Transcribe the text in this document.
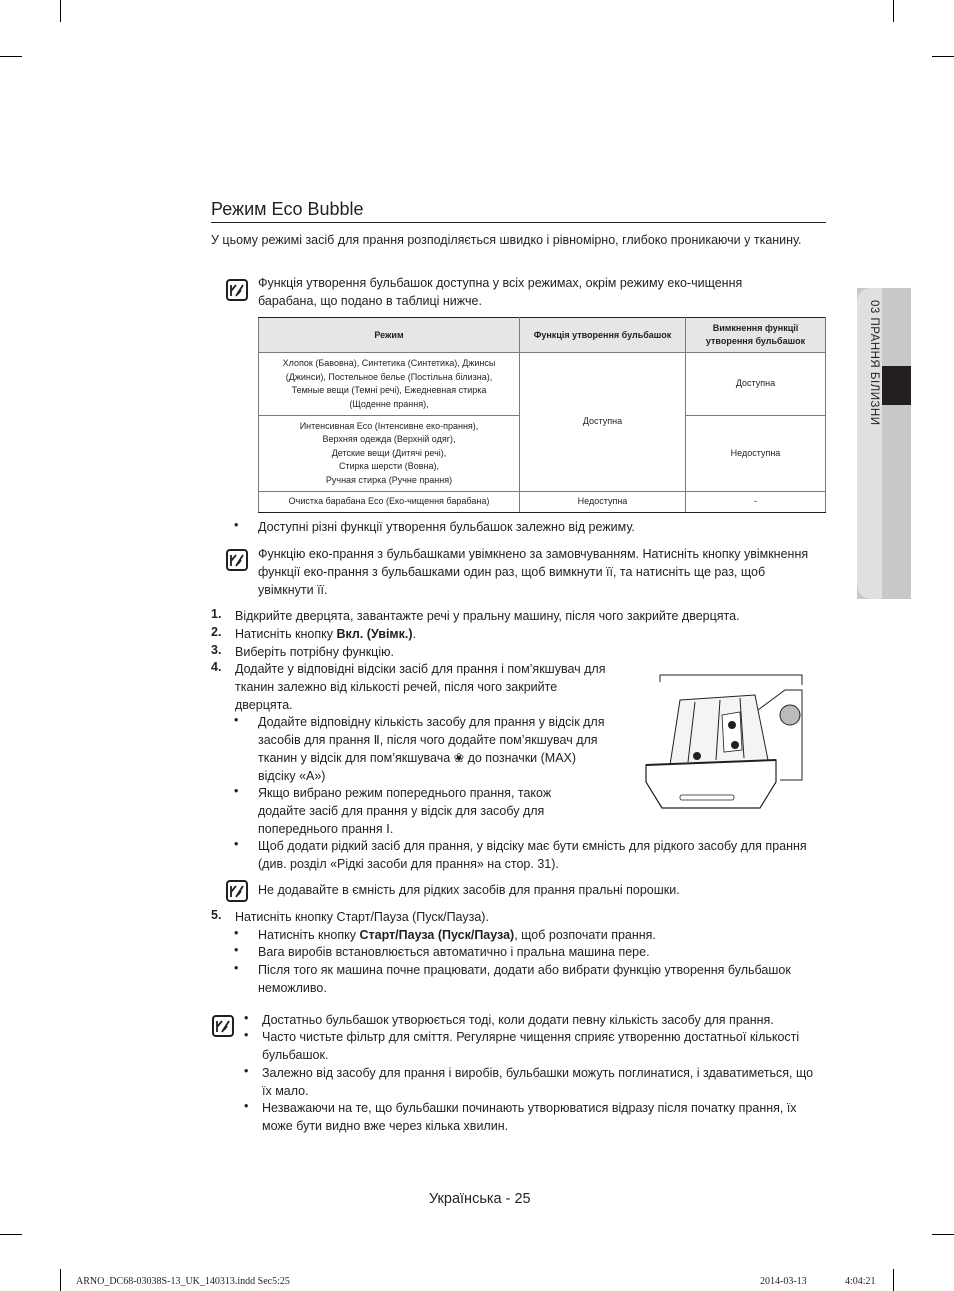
03 ПРАННЯ БІЛИЗНИ
Режим Eco Bubble
У цьому режимі засіб для прання розподіляється швидко і рівномірно, глибоко проникаючи у тканину.
Функція утворення бульбашок доступна у всіх режимах, окрім режиму еко-чищення барабана, що подано в таблиці нижче.
Режим	Функція утворення бульбашок	Вимкнення функції утворення бульбашок

Хлопок (Бавовна), Синтетика (Синтетика), Джинсы
(Джинси), Постельное белье (Постільна білизна),
Темные вещи (Темні речі), Ежедневная стирка
(Щоденне прання),	Доступна	Доступна

Интенсивная Eco (Інтенсивне еко-прання),
Верхняя одежда (Верхній одяг),
Детские вещи (Дитячі речі),
Стирка шерсти (Вовна),
Ручная стирка (Ручне прання)		Недоступна
Очистка барабана Eco (Еко-чищення барабана)	Недоступна	-
• Доступні різні функції утворення бульбашок залежно від режиму.
Функцію еко-прання з бульбашками увімкнено за замовчуванням. Натисніть кнопку увімкнення функції еко-прання з бульбашками один раз, щоб вимкнути її, та натисніть ще раз, щоб увімкнути її.
1. Відкрийте дверцята, завантажте речі у пральну машину, після чого закрийте дверцята.
2. Натисніть кнопку Вкл. (Увімк.).
3. Виберіть потрібну функцію.
4. Додайте у відповідні відсіки засіб для прання і пом’якшувач для тканин залежно від кількості речей, після чого закрийте дверцята.
• Додайте відповідну кількість засобу для прання у відсік для засобів для прання Ⅱ, після чого додайте пом’якшувач для тканин у відсік для пом’якшувача ❀ до позначки (MAX) відсіку «A»)
• Якщо вибрано режим попереднього прання, також додайте засіб для прання у відсік для засобу для попереднього прання Ⅰ.
• Щоб додати рідкий засіб для прання, у відсіку має бути ємність для рідкого засобу для прання (див. розділ «Рідкі засоби для прання» на стор. 31).
Не додавайте в ємність для рідких засобів для прання пральні порошки.
5. Натисніть кнопку Старт/Пауза (Пуск/Пауза).
• Натисніть кнопку Старт/Пауза (Пуск/Пауза), щоб розпочати прання.
• Вага виробів встановлюється автоматично і пральна машина пере.
• Після того як машина почне працювати, додати або вибрати функцію утворення бульбашок неможливо.
• Достатньо бульбашок утворюється тоді, коли додати певну кількість засобу для прання.
• Часто чистьте фільтр для сміття. Регулярне чищення сприяє утворенню достатньої кількості бульбашок.
• Залежно від засобу для прання і виробів, бульбашки можуть поглинатися, і здаватиметься, що їх мало.
• Незважаючи на те, що бульбашки починають утворюватися відразу після початку прання, їх може бути видно вже через кілька хвилин.
Українська - 25
ARNO_DC68-03038S-13_UK_140313.indd Sec5:25	2014-03-13	4:04:21
